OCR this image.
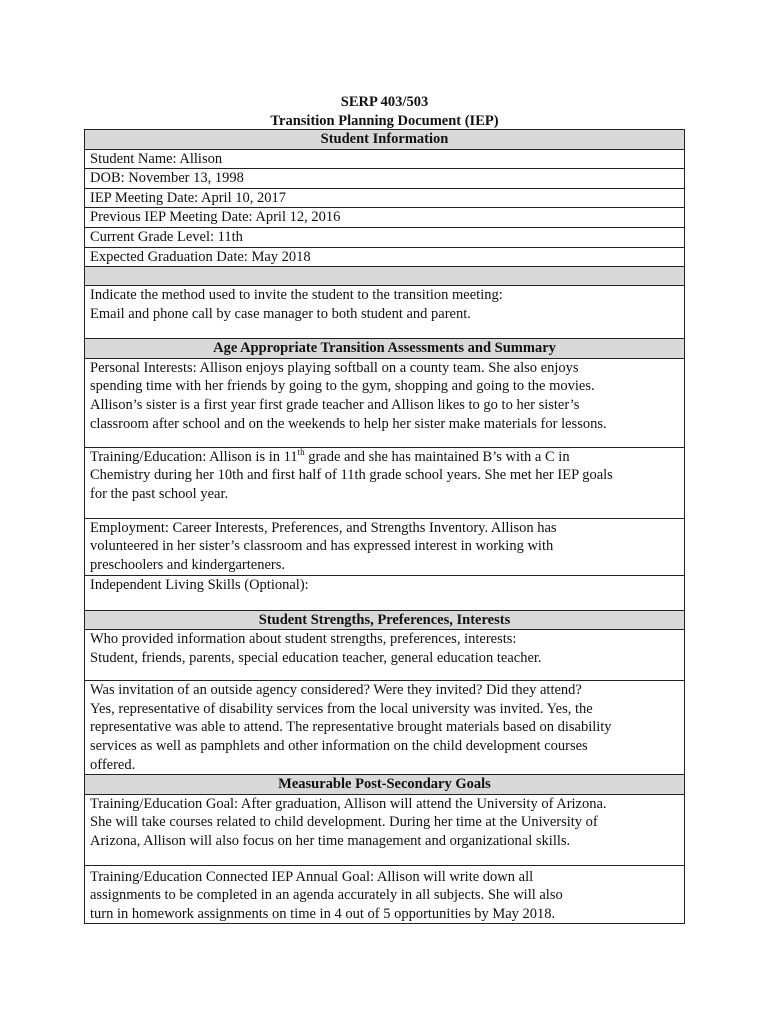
SERP 403/503
Transition Planning Document (IEP)
Student Information
Student Name: Allison
DOB: November 13, 1998
IEP Meeting Date: April 10, 2017
Previous IEP Meeting Date: April 12, 2016
Current Grade Level: 11th
Expected Graduation Date: May 2018

Indicate the method used to invite the student to the transition meeting:
Email and phone call by case manager to both student and parent.

Age Appropriate Transition Assessments and Summary

Personal Interests: Allison enjoys playing softball on a county team. She also enjoys
spending time with her friends by going to the gym, shopping and going to the movies.
Allison’s sister is a first year first grade teacher and Allison likes to go to her sister’s
classroom after school and on the weekends to help her sister make materials for lessons.

Training/Education: Allison is in 11th grade and she has maintained B’s with a C in
Chemistry during her 10th and first half of 11th grade school years. She met her IEP goals
for the past school year.

Employment: Career Interests, Preferences, and Strengths Inventory. Allison has
volunteered in her sister’s classroom and has expressed interest in working with
preschoolers and kindergarteners.

Independent Living Skills (Optional):
Student Strengths, Preferences, Interests

Who provided information about student strengths, preferences, interests:
Student, friends, parents, special education teacher, general education teacher.

Was invitation of an outside agency considered? Were they invited? Did they attend?
Yes, representative of disability services from the local university was invited. Yes, the
representative was able to attend. The representative brought materials based on disability
services as well as pamphlets and other information on the child development courses
offered.

Measurable Post-Secondary Goals

Training/Education Goal: After graduation, Allison will attend the University of Arizona.
She will take courses related to child development. During her time at the University of
Arizona, Allison will also focus on her time management and organizational skills.

Training/Education Connected IEP Annual Goal: Allison will write down all
assignments to be completed in an agenda accurately in all subjects. She will also
turn in homework assignments on time in 4 out of 5 opportunities by May 2018.
